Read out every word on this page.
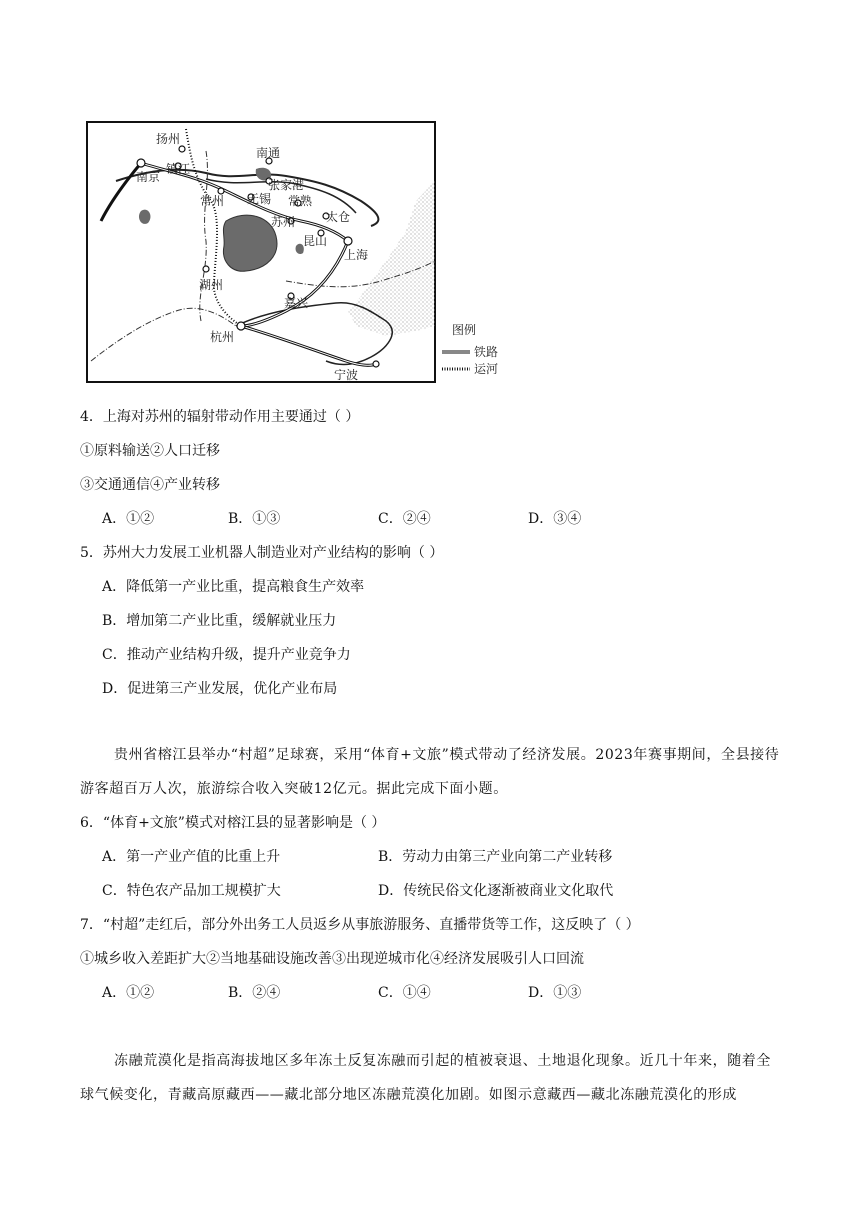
扬州
南京
镇江
南通
张家港
常熟
常州 无锡
苏州	太仓
昆山
上海
湖州
嘉兴
杭州
宁波
图例
铁路
运河
4．上海对苏州的辐射带动作用主要通过（ ）
①原料输送②人口迁移
③交通通信④产业转移
A．①②	B．①③	C．②④	D．③④
5．苏州大力发展工业机器人制造业对产业结构的影响（ ）
A．降低第一产业比重，提高粮食生产效率
B．增加第二产业比重，缓解就业压力
C．推动产业结构升级，提升产业竞争力
D．促进第三产业发展，优化产业布局
贵州省榕江县举办“村超”足球赛，采用“体育+文旅”模式带动了经济发展。2023年赛事期间，全县接待游客超百万人次，旅游综合收入突破12亿元。据此完成下面小题。
6．“体育+文旅”模式对榕江县的显著影响是（ ）
A．第一产业产值的比重上升	B．劳动力由第三产业向第二产业转移
C．特色农产品加工规模扩大	D．传统民俗文化逐渐被商业文化取代
7．“村超”走红后，部分外出务工人员返乡从事旅游服务、直播带货等工作，这反映了（ ）
①城乡收入差距扩大②当地基础设施改善③出现逆城市化④经济发展吸引人口回流
A．①②	B．②④	C．①④	D．①③
冻融荒漠化是指高海拔地区多年冻土反复冻融而引起的植被衰退、土地退化现象。近几十年来，随着全球气候变化，青藏高原藏西——藏北部分地区冻融荒漠化加剧。如图示意藏西—藏北冻融荒漠化的形成
